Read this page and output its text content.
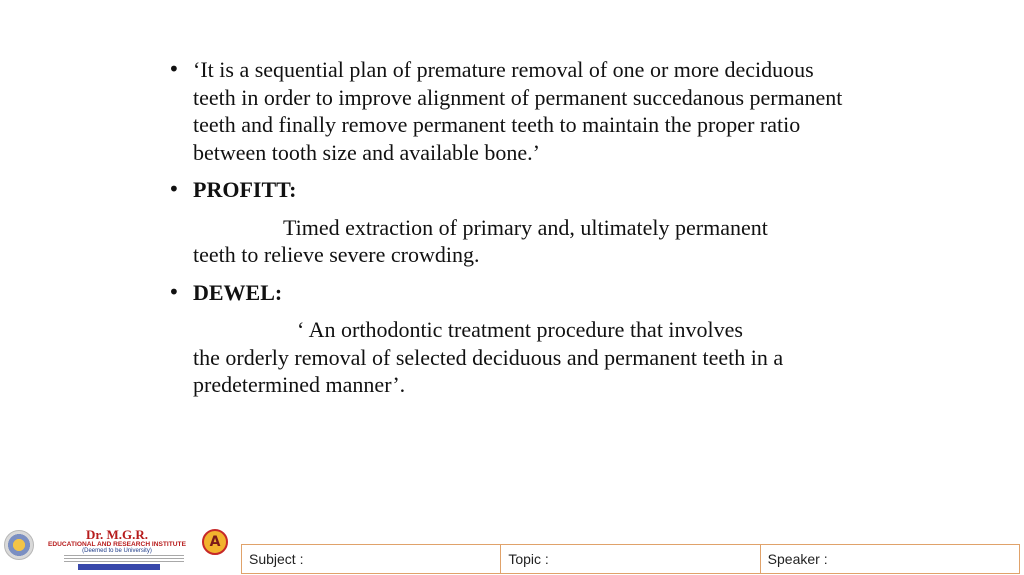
• ‘It is a sequential plan of premature removal of one or more deciduous teeth in order to improve alignment of permanent succedanous permanent teeth and finally remove permanent teeth to maintain the proper ratio between tooth size and available bone.’
• PROFITT:
Timed extraction of primary and, ultimately permanent
teeth to relieve severe crowding.
• DEWEL:
‘ An orthodontic treatment procedure that involves
the orderly removal of selected deciduous and permanent teeth in a predetermined manner’.
Dr. M.G.R.
EDUCATIONAL AND RESEARCH INSTITUTE
(Deemed to be University)
A
Subject :	Topic :	Speaker :
